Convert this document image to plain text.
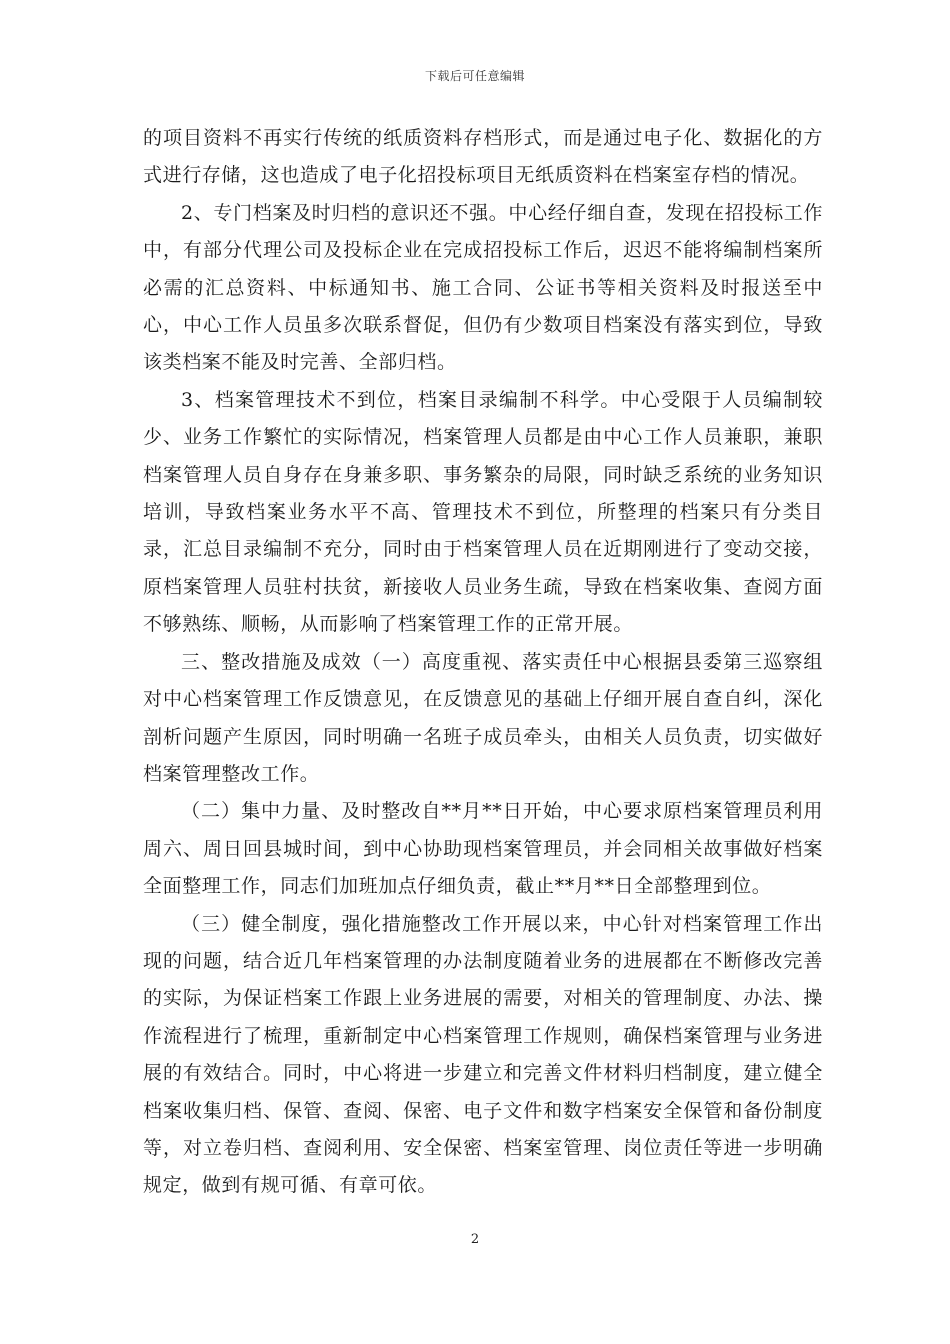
下载后可任意编辑

的项目资料不再实行传统的纸质资料存档形式，而是通过电子化、数据化的方式进行存储，这也造成了电子化招投标项目无纸质资料在档案室存档的情况。

2、专门档案及时归档的意识还不强。中心经仔细自查，发现在招投标工作中，有部分代理公司及投标企业在完成招投标工作后，迟迟不能将编制档案所必需的汇总资料、中标通知书、施工合同、公证书等相关资料及时报送至中心，中心工作人员虽多次联系督促，但仍有少数项目档案没有落实到位，导致该类档案不能及时完善、全部归档。

3、档案管理技术不到位，档案目录编制不科学。中心受限于人员编制较少、业务工作繁忙的实际情况，档案管理人员都是由中心工作人员兼职，兼职档案管理人员自身存在身兼多职、事务繁杂的局限，同时缺乏系统的业务知识培训，导致档案业务水平不高、管理技术不到位，所整理的档案只有分类目录，汇总目录编制不充分，同时由于档案管理人员在近期刚进行了变动交接，原档案管理人员驻村扶贫，新接收人员业务生疏，导致在档案收集、查阅方面不够熟练、顺畅，从而影响了档案管理工作的正常开展。

三、整改措施及成效（一）高度重视、落实责任中心根据县委第三巡察组对中心档案管理工作反馈意见，在反馈意见的基础上仔细开展自查自纠，深化剖析问题产生原因，同时明确一名班子成员牵头，由相关人员负责，切实做好档案管理整改工作。

（二）集中力量、及时整改自**月**日开始，中心要求原档案管理员利用周六、周日回县城时间，到中心协助现档案管理员，并会同相关故事做好档案全面整理工作，同志们加班加点仔细负责，截止**月**日全部整理到位。

（三）健全制度，强化措施整改工作开展以来，中心针对档案管理工作出现的问题，结合近几年档案管理的办法制度随着业务的进展都在不断修改完善的实际，为保证档案工作跟上业务进展的需要，对相关的管理制度、办法、操作流程进行了梳理，重新制定中心档案管理工作规则，确保档案管理与业务进展的有效结合。同时，中心将进一步建立和完善文件材料归档制度，建立健全档案收集归档、保管、查阅、保密、电子文件和数字档案安全保管和备份制度等，对立卷归档、查阅利用、安全保密、档案室管理、岗位责任等进一步明确规定，做到有规可循、有章可依。

2
